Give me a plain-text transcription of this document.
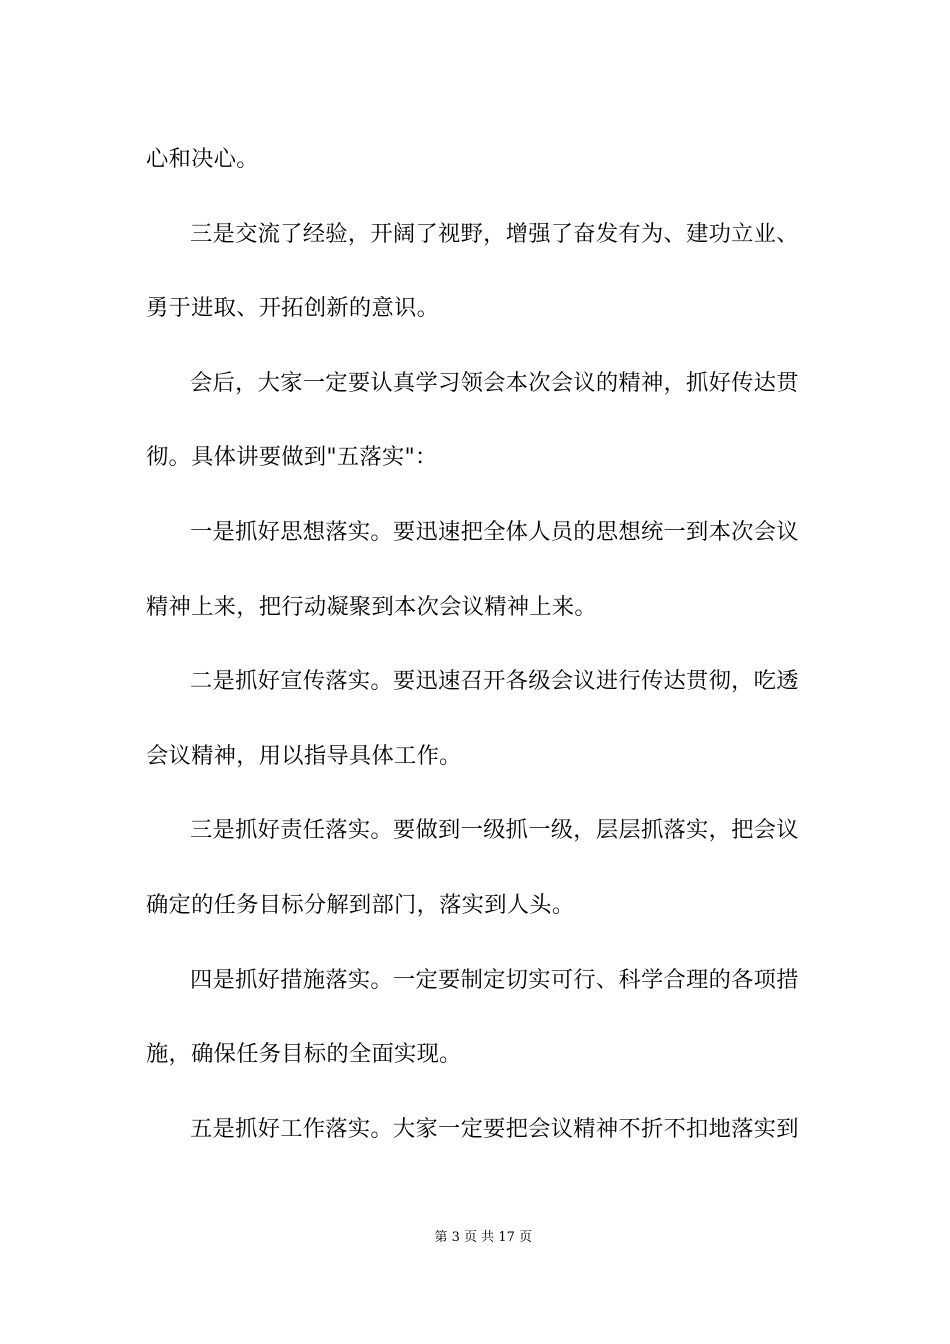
心和决心。
三是交流了经验，开阔了视野，增强了奋发有为、建功立业、
勇于进取、开拓创新的意识。
会后，大家一定要认真学习领会本次会议的精神，抓好传达贯
彻。具体讲要做到"五落实"：
一是抓好思想落实。要迅速把全体人员的思想统一到本次会议
精神上来，把行动凝聚到本次会议精神上来。
二是抓好宣传落实。要迅速召开各级会议进行传达贯彻，吃透
会议精神，用以指导具体工作。
三是抓好责任落实。要做到一级抓一级，层层抓落实，把会议
确定的任务目标分解到部门，落实到人头。
四是抓好措施落实。一定要制定切实可行、科学合理的各项措
施，确保任务目标的全面实现。
五是抓好工作落实。大家一定要把会议精神不折不扣地落实到

第 3 页 共 17 页
